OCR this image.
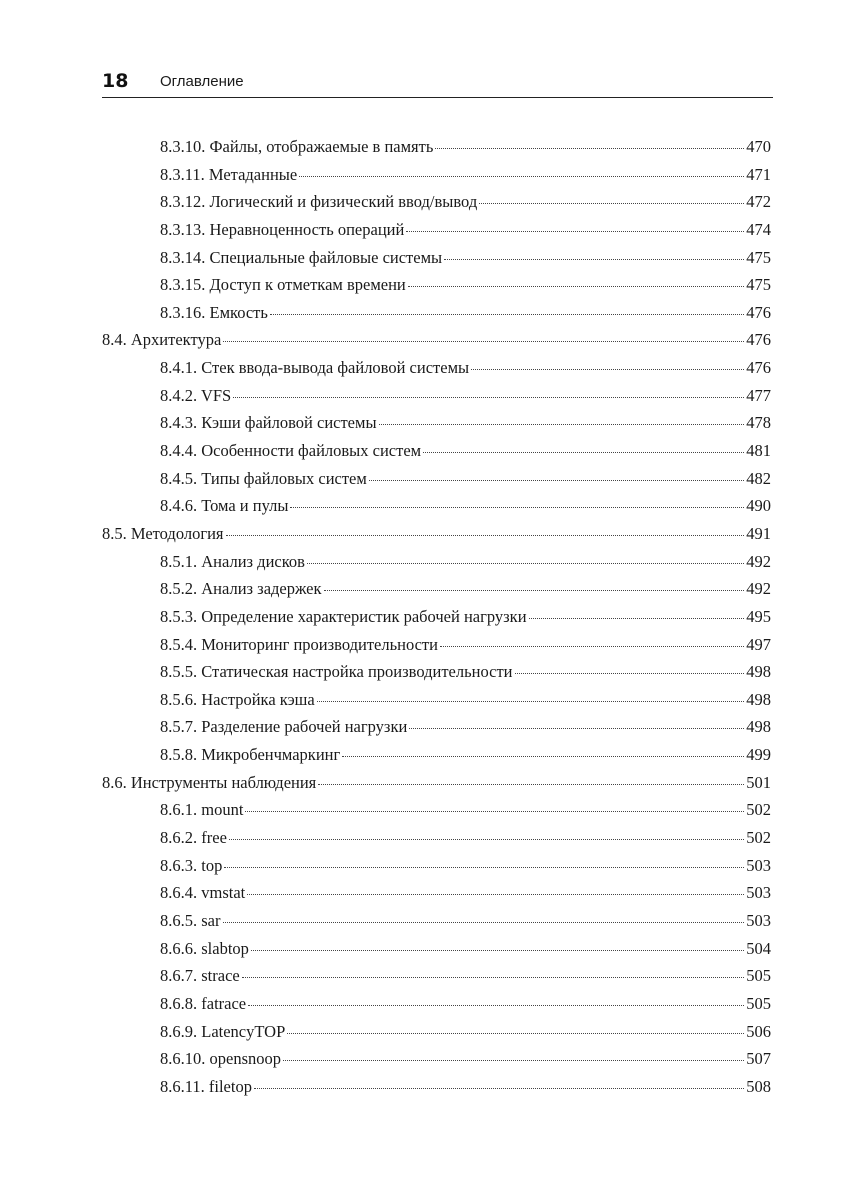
18 Оглавление
8.3.10. Файлы, отображаемые в память	470
8.3.11. Метаданные	471
8.3.12. Логический и физический ввод/вывод	472
8.3.13. Неравноценность операций	474
8.3.14. Специальные файловые системы	475
8.3.15. Доступ к отметкам времени	475
8.3.16. Емкость	476
8.4. Архитектура	476
8.4.1. Стек ввода-вывода файловой системы	476
8.4.2. VFS	477
8.4.3. Кэши файловой системы	478
8.4.4. Особенности файловых систем	481
8.4.5. Типы файловых систем	482
8.4.6. Тома и пулы	490
8.5. Методология	491
8.5.1. Анализ дисков	492
8.5.2. Анализ задержек	492
8.5.3. Определение характеристик рабочей нагрузки	495
8.5.4. Мониторинг производительности	497
8.5.5. Статическая настройка производительности	498
8.5.6. Настройка кэша	498
8.5.7. Разделение рабочей нагрузки	498
8.5.8. Микробенчмаркинг	499
8.6. Инструменты наблюдения	501
8.6.1. mount	502
8.6.2. free	502
8.6.3. top	503
8.6.4. vmstat	503
8.6.5. sar	503
8.6.6. slabtop	504
8.6.7. strace	505
8.6.8. fatrace	505
8.6.9. LatencyTOP	506
8.6.10. opensnoop	507
8.6.11. filetop	508
